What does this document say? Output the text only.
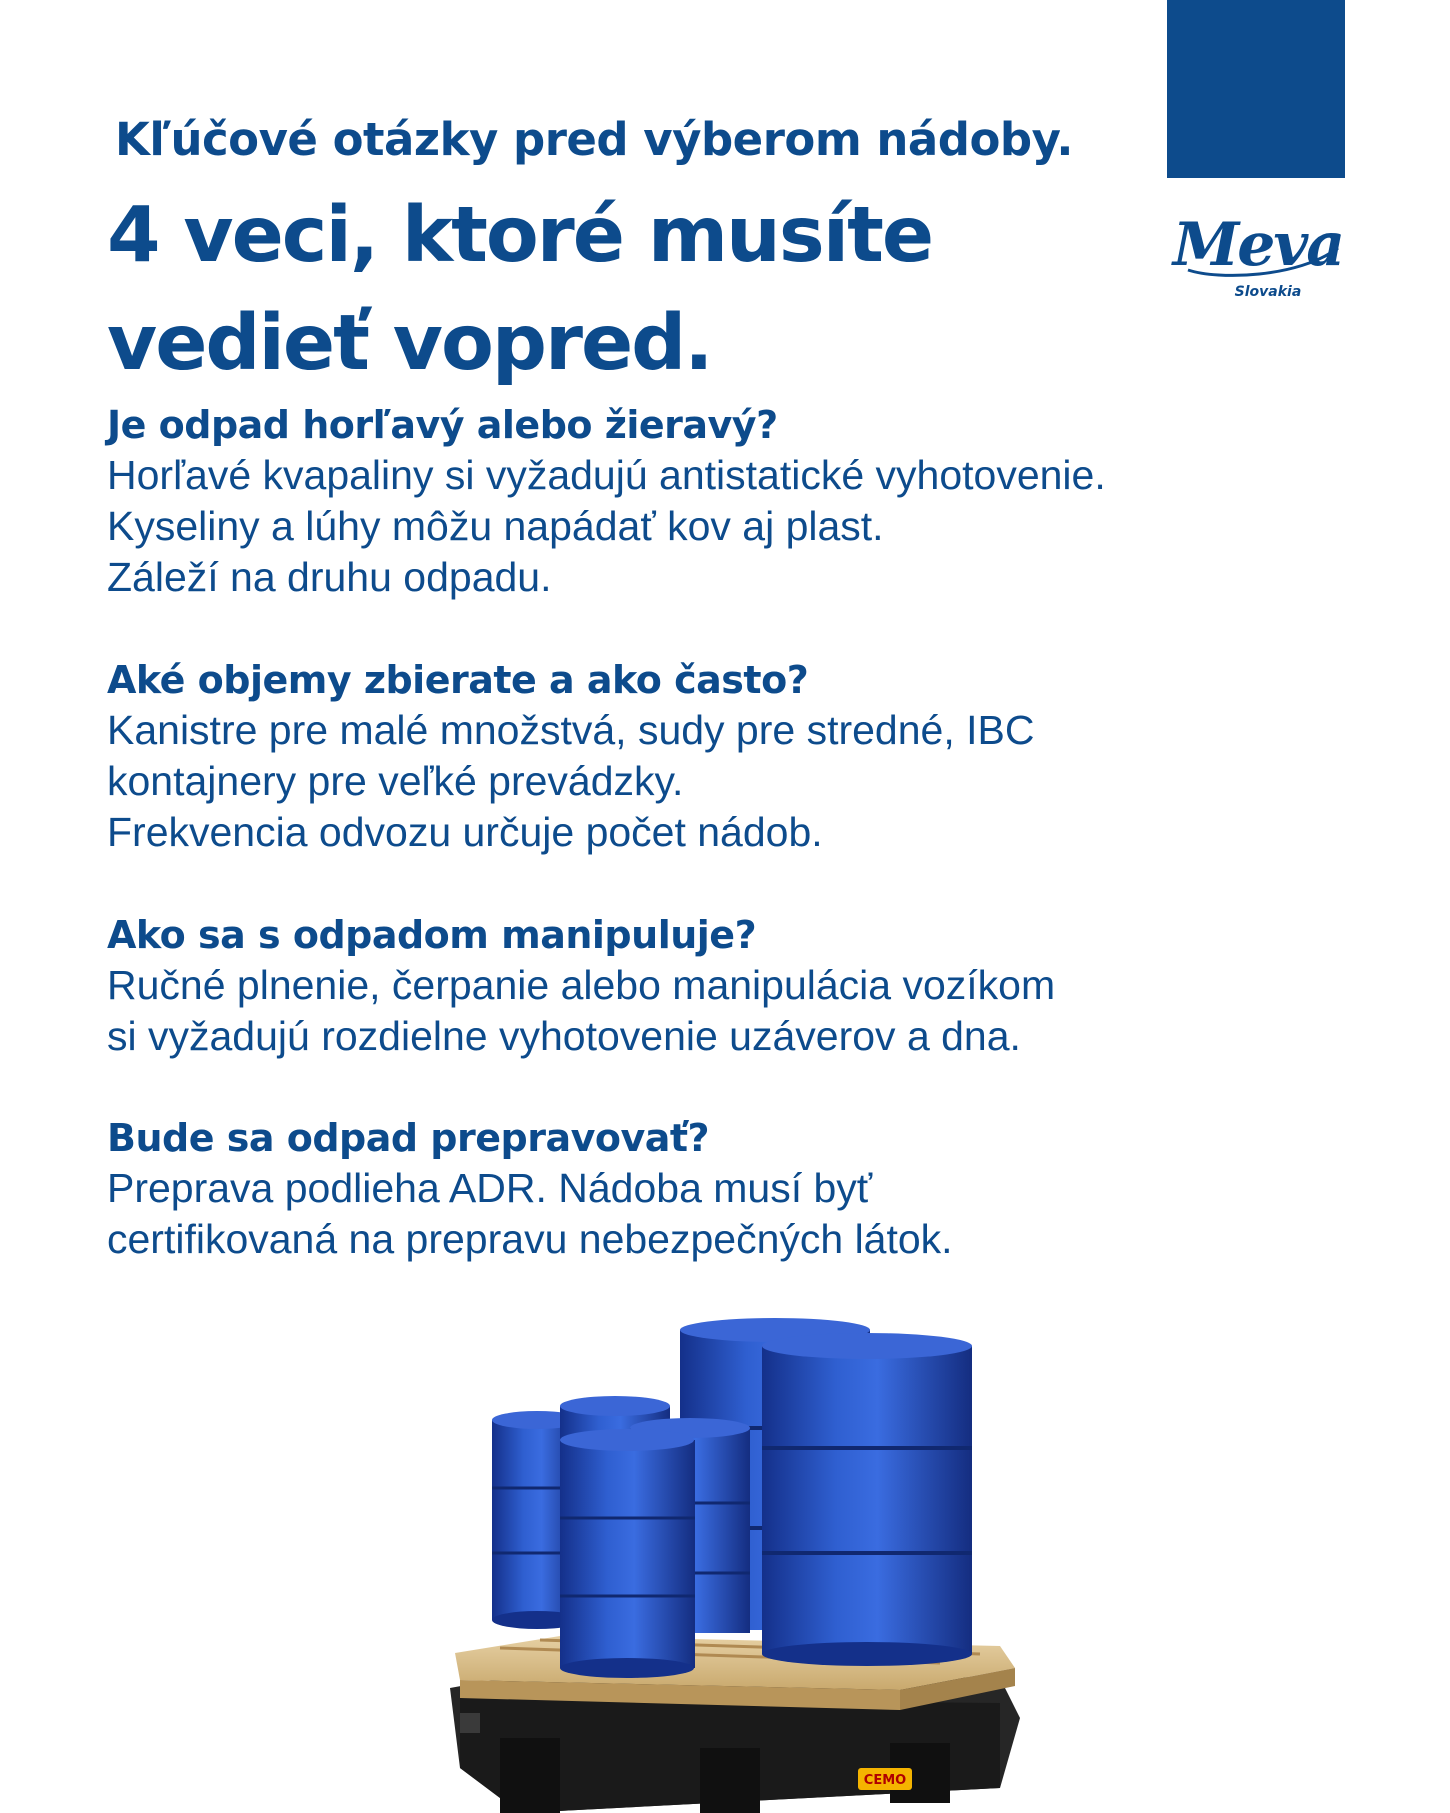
Meva
Slovakia
Kľúčové otázky pred výberom nádoby.
4 veci, ktoré musíte
vedieť vopred.
Je odpad horľavý alebo žieravý?
Horľavé kvapaliny si vyžadujú antistatické vyhotovenie.
Kyseliny a lúhy môžu napádať kov aj plast.
Záleží na druhu odpadu.
Aké objemy zbierate a ako často?
Kanistre pre malé množstvá, sudy pre stredné, IBC
kontajnery pre veľké prevádzky.
Frekvencia odvozu určuje počet nádob.
Ako sa s odpadom manipuluje?
Ručné plnenie, čerpanie alebo manipulácia vozíkom
si vyžadujú rozdielne vyhotovenie uzáverov a dna.
Bude sa odpad prepravovať?
Preprava podlieha ADR. Nádoba musí byť
certifikovaná na prepravu nebezpečných látok.
CEMO
